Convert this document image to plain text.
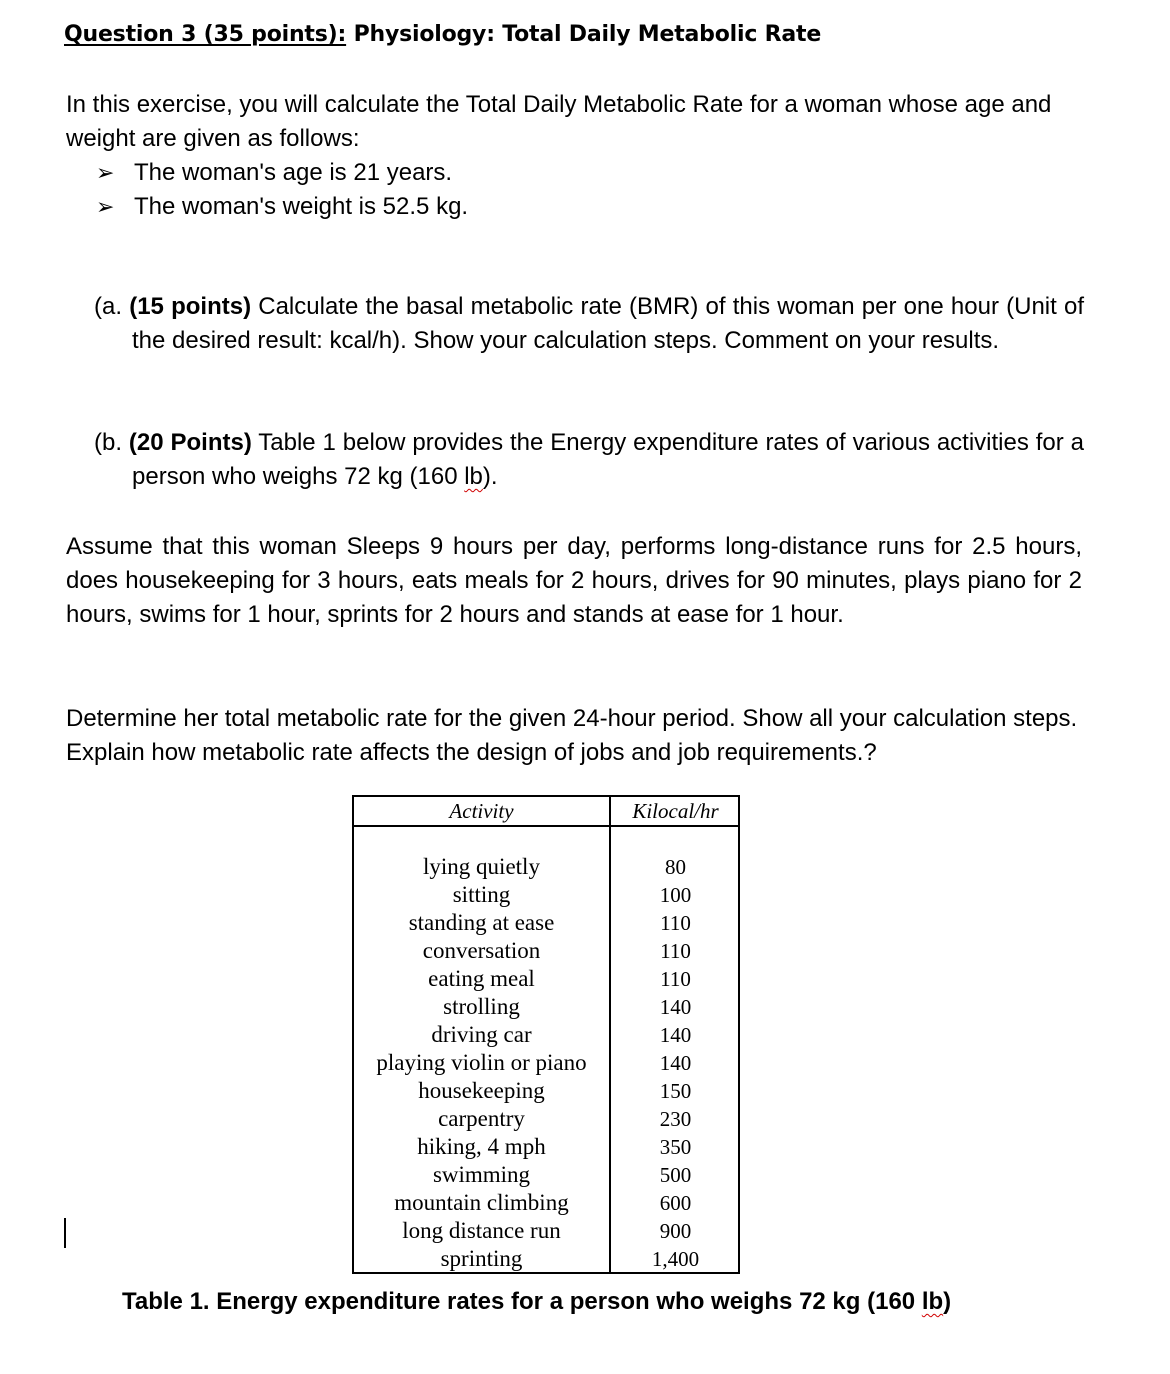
Question 3 (35 points): Physiology: Total Daily Metabolic Rate
In this exercise, you will calculate the Total Daily Metabolic Rate for a woman whose age and weight are given as follows:
➢ The woman's age is 21 years.
➢ The woman's weight is 52.5 kg.
(a. (15 points) Calculate the basal metabolic rate (BMR) of this woman per one hour (Unit of the desired result: kcal/h). Show your calculation steps. Comment on your results.
(b. (20 Points) Table 1 below provides the Energy expenditure rates of various activities for a person who weighs 72 kg (160 lb).
Assume that this woman Sleeps 9 hours per day, performs long-distance runs for 2.5 hours, does housekeeping for 3 hours, eats meals for 2 hours, drives for 90 minutes, plays piano for 2 hours, swims for 1 hour, sprints for 2 hours and stands at ease for 1 hour.
Determine her total metabolic rate for the given 24-hour period. Show all your calculation steps. Explain how metabolic rate affects the design of jobs and job requirements.?
Activity	Kilocal/hr
lying quietly
sitting
standing at ease
conversation
eating meal
strolling
driving car
playing violin or piano
housekeeping
carpentry
hiking, 4 mph
swimming
mountain climbing
long distance run
sprinting
80
100
110
110
110
140
140
140
150
230
350
500
600
900
1,400
Table 1. Energy expenditure rates for a person who weighs 72 kg (160 lb)
